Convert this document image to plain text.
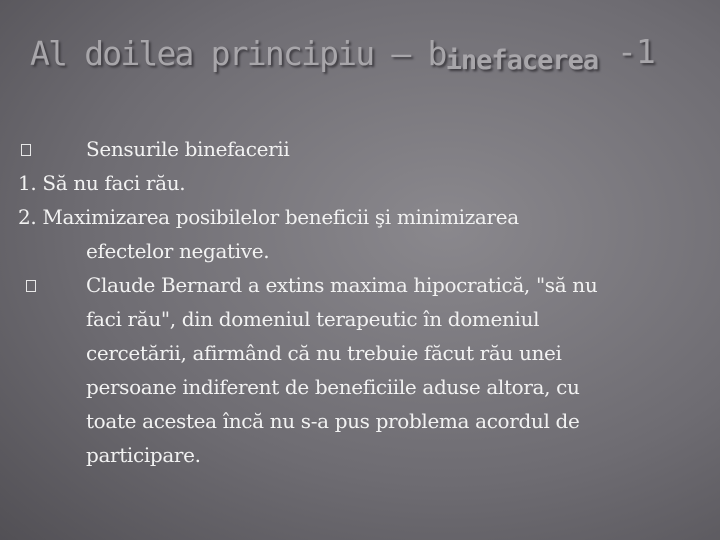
Al doilea principiu – binefacerea -1
Sensurile binefacerii
1. Să nu faci rău.
2. Maximizarea posibilelor beneficii şi minimizarea
efectelor negative.
Claude Bernard a extins maxima hipocratică, "să nu
faci rău", din domeniul terapeutic în domeniul
cercetării, afirmând că nu trebuie făcut rău unei
persoane indiferent de beneficiile aduse altora, cu
toate acestea încă nu s-a pus problema acordul de
participare.
